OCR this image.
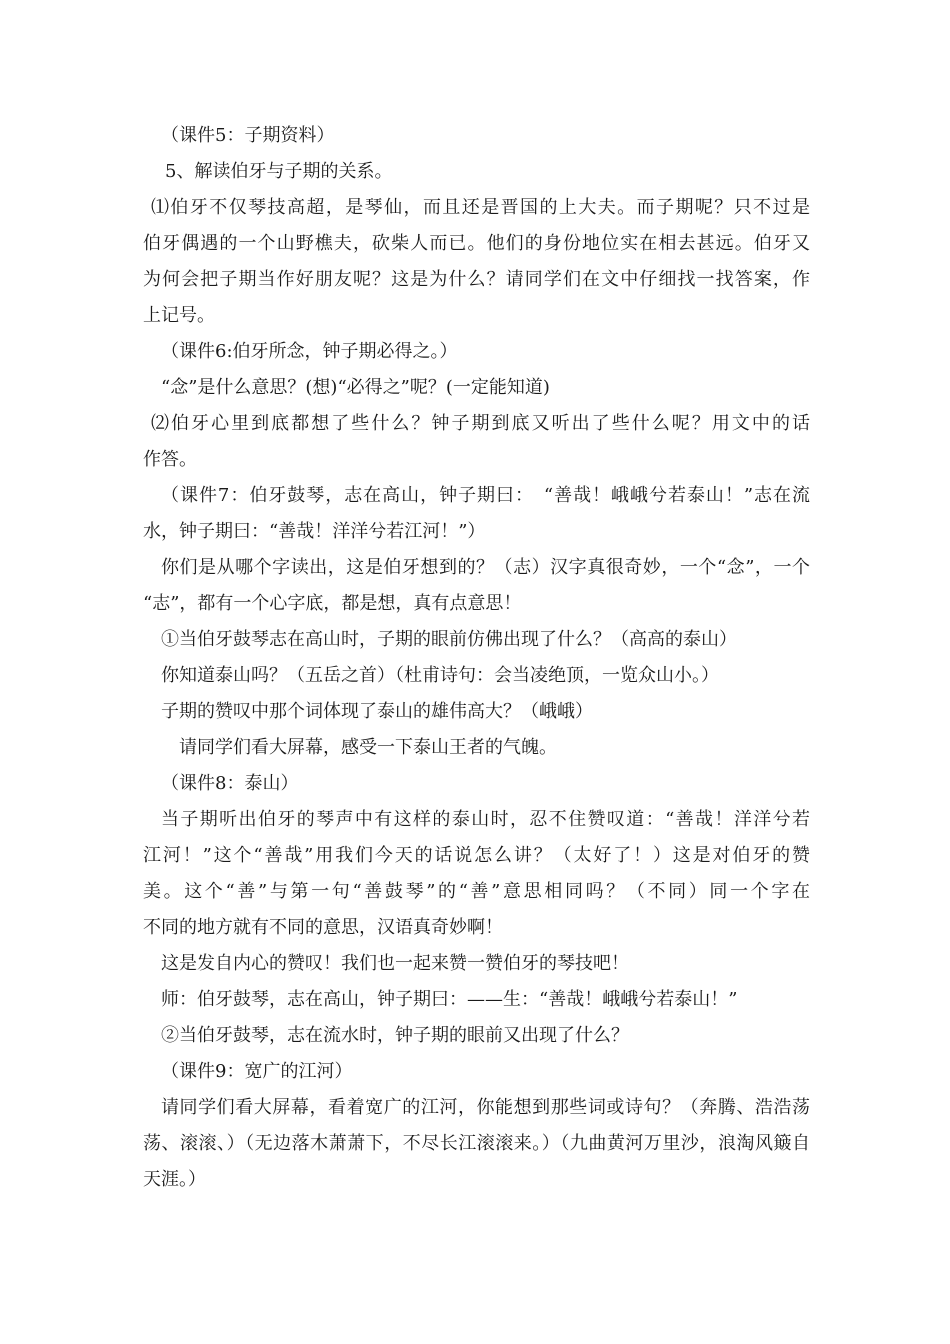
（课件5：子期资料）
5、解读伯牙与子期的关系。
⑴伯牙不仅琴技高超，是琴仙，而且还是晋国的上大夫。而子期呢？只不过是
伯牙偶遇的一个山野樵夫，砍柴人而已。他们的身份地位实在相去甚远。伯牙又
为何会把子期当作好朋友呢？这是为什么？请同学们在文中仔细找一找答案，作
上记号。
（课件6:伯牙所念，钟子期必得之。）
“念”是什么意思？(想)“必得之”呢？(一定能知道)
⑵伯牙心里到底都想了些什么？钟子期到底又听出了些什么呢？用文中的话
作答。
（课件7：伯牙鼓琴，志在高山，钟子期曰：　“善哉！峨峨兮若泰山！”志在流
水，钟子期曰：“善哉！洋洋兮若江河！”）
你们是从哪个字读出，这是伯牙想到的？（志）汉字真很奇妙，一个“念”，一个
“志”，都有一个心字底，都是想，真有点意思！
①当伯牙鼓琴志在高山时，子期的眼前仿佛出现了什么？（高高的泰山）
你知道泰山吗？（五岳之首）（杜甫诗句：会当凌绝顶，一览众山小。）
子期的赞叹中那个词体现了泰山的雄伟高大？（峨峨）
请同学们看大屏幕，感受一下泰山王者的气魄。
（课件8：泰山）
当子期听出伯牙的琴声中有这样的泰山时，忍不住赞叹道：“善哉！洋洋兮若
江河！”这个“善哉”用我们今天的话说怎么讲？（太好了！）这是对伯牙的赞
美。这个“善”与第一句“善鼓琴”的“善”意思相同吗？（不同）同一个字在
不同的地方就有不同的意思，汉语真奇妙啊！
这是发自内心的赞叹！我们也一起来赞一赞伯牙的琴技吧！
师：伯牙鼓琴，志在高山，钟子期曰：——生：“善哉！峨峨兮若泰山！”
②当伯牙鼓琴，志在流水时，钟子期的眼前又出现了什么？
（课件9：宽广的江河）
请同学们看大屏幕，看着宽广的江河，你能想到那些词或诗句？（奔腾、浩浩荡
荡、滚滚、）（无边落木萧萧下，不尽长江滚滚来。）（九曲黄河万里沙，浪淘风簸自
天涯。）
